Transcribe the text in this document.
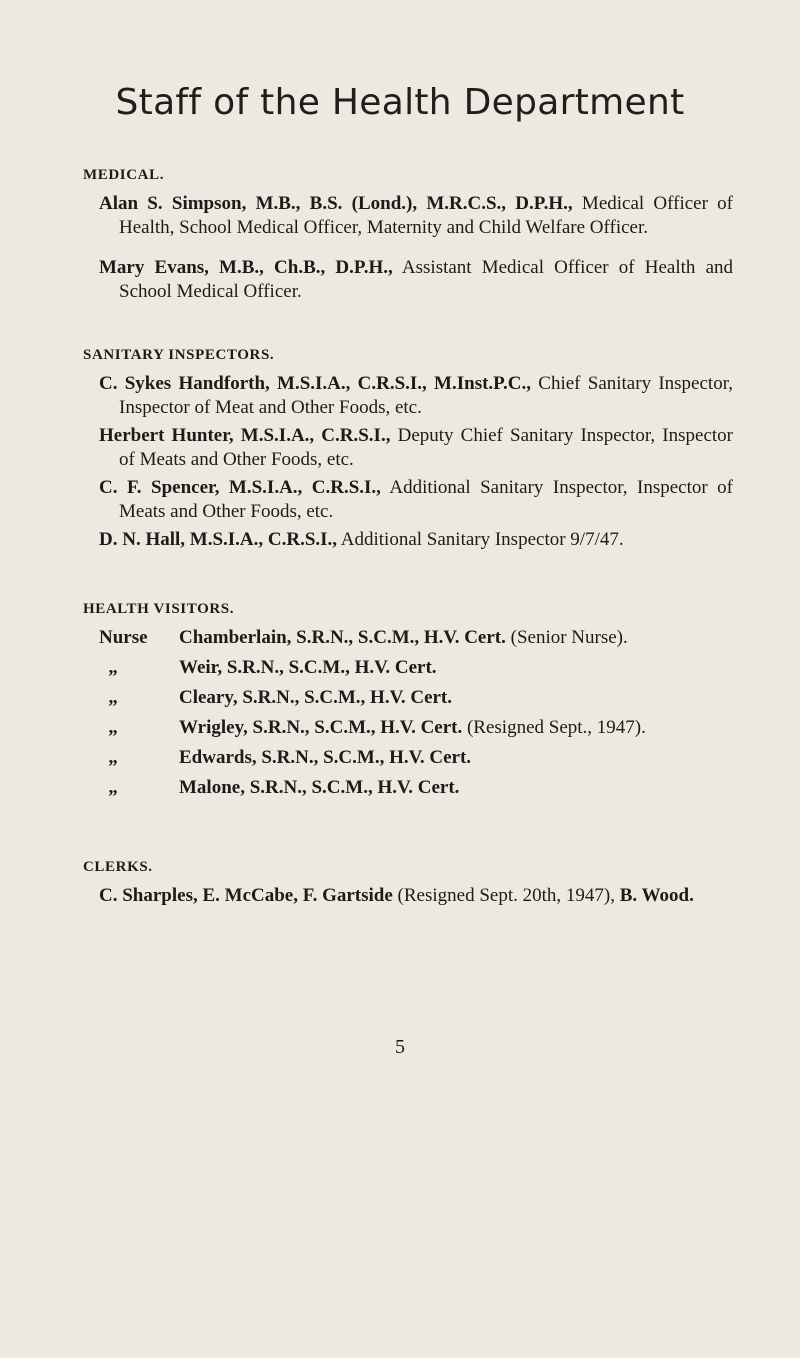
Staff of the Health Department
MEDICAL.

Alan S. Simpson, M.B., B.S. (Lond.), M.R.C.S., D.P.H., Medical Officer of Health, School Medical Officer, Maternity and Child Welfare Officer.

Mary Evans, M.B., Ch.B., D.P.H., Assistant Medical Officer of Health and School Medical Officer.

SANITARY INSPECTORS.

C. Sykes Handforth, M.S.I.A., C.R.S.I., M.Inst.P.C., Chief Sanitary Inspector, Inspector of Meat and Other Foods, etc.

Herbert Hunter, M.S.I.A., C.R.S.I., Deputy Chief Sanitary Inspector, Inspector of Meats and Other Foods, etc.

C. F. Spencer, M.S.I.A., C.R.S.I., Additional Sanitary Inspector, Inspector of Meats and Other Foods, etc.

D. N. Hall, M.S.I.A., C.R.S.I., Additional Sanitary Inspector 9/7/47.

HEALTH VISITORS.
Nurse	Chamberlain, S.R.N., S.C.M., H.V. Cert. (Senior Nurse).
„	Weir, S.R.N., S.C.M., H.V. Cert.
„	Cleary, S.R.N., S.C.M., H.V. Cert.
„	Wrigley, S.R.N., S.C.M., H.V. Cert. (Resigned Sept., 1947).
„	Edwards, S.R.N., S.C.M., H.V. Cert.
„	Malone, S.R.N., S.C.M., H.V. Cert.
CLERKS.

C. Sharples, E. McCabe, F. Gartside (Resigned Sept. 20th, 1947), B. Wood.

5
